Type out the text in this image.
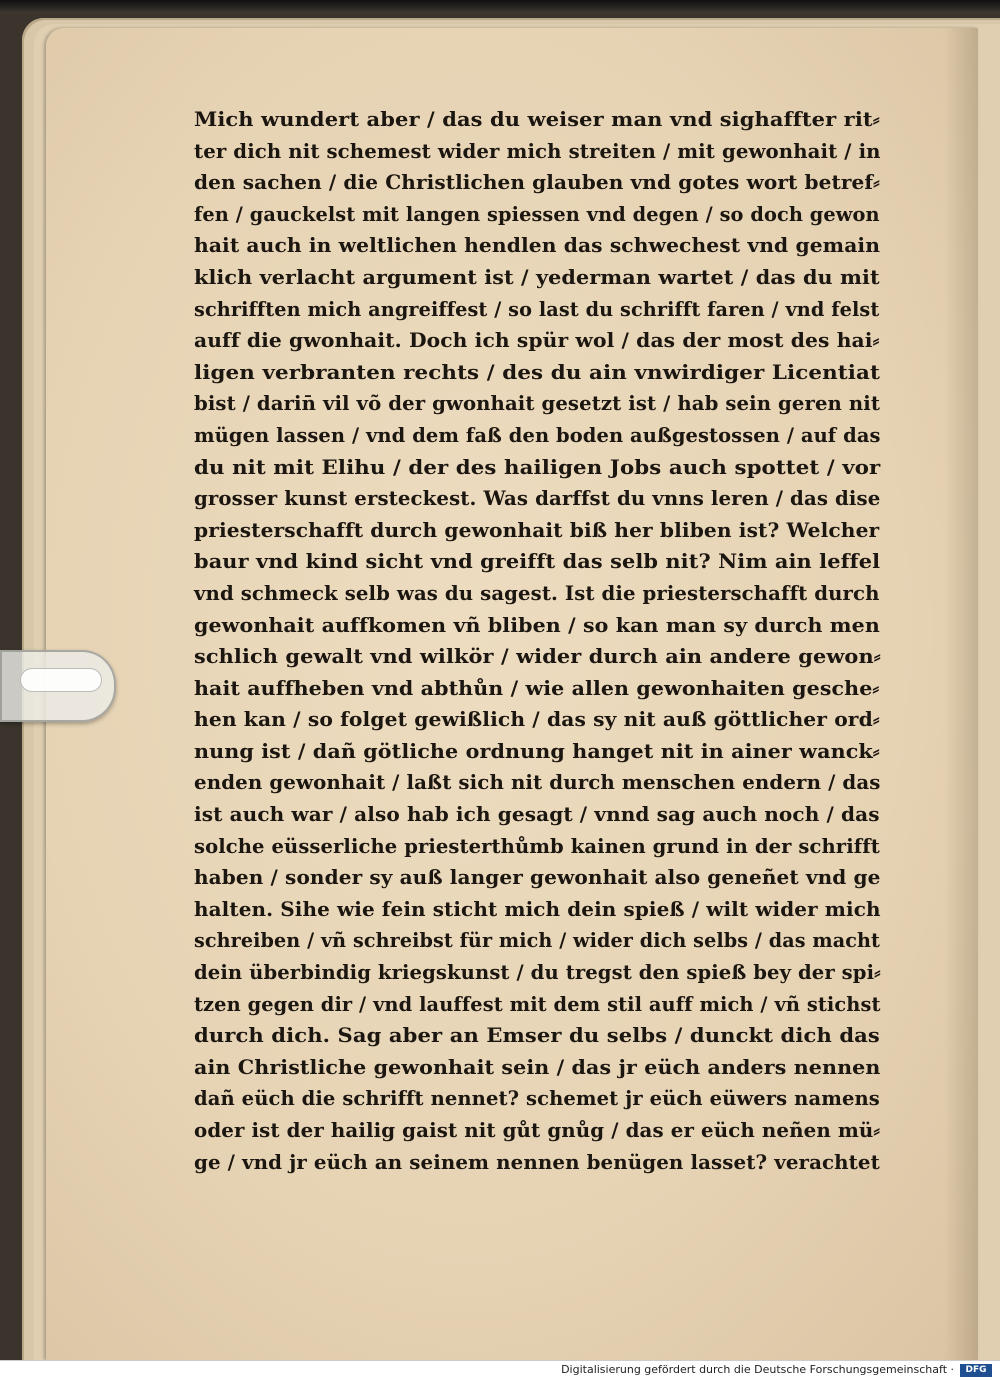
Mich wundert aber / das du weiser man vnd sighaffter rit⸗
ter dich nit schemest wider mich streiten / mit gewonhait / in
den sachen / die Christlichen glauben vnd gotes wort betref⸗
fen / gauckelst mit langen spiessen vnd degen / so doch gewon
hait auch in weltlichen hendlen das schwechest vnd gemain
klich verlacht argument ist / yederman wartet / das du mit
schrifften mich angreiffest / so last du schrifft faren / vnd felst
auff die gwonhait. Doch ich spür wol / das der most des hai⸗
ligen verbranten rechts / des du ain vnwirdiger Licentiat
bist / darin̄ vil võ der gwonhait gesetzt ist / hab sein geren nit
mügen lassen / vnd dem faß den boden außgestossen / auf das
du nit mit Elihu / der des hailigen Jobs auch spottet / vor
grosser kunst ersteckest. Was darffst du vnns leren / das dise
priesterschafft durch gewonhait biß her bliben ist? Welcher
baur vnd kind sicht vnd greifft das selb nit? Nim ain leffel
vnd schmeck selb was du sagest. Ist die priesterschafft durch
gewonhait auffkomen vñ bliben / so kan man sy durch men
schlich gewalt vnd wilkör / wider durch ain andere gewon⸗
hait auffheben vnd abthůn / wie allen gewonhaiten gesche⸗
hen kan / so folget gewißlich / das sy nit auß göttlicher ord⸗
nung ist / dañ götliche ordnung hanget nit in ainer wanck⸗
enden gewonhait / laßt sich nit durch menschen endern / das
ist auch war / also hab ich gesagt / vnnd sag auch noch / das
solche eüsserliche priesterthůmb kainen grund in der schrifft
haben / sonder sy auß langer gewonhait also geneñet vnd ge
halten. Sihe wie fein sticht mich dein spieß / wilt wider mich
schreiben / vñ schreibst für mich / wider dich selbs / das macht
dein überbindig kriegskunst / du tregst den spieß bey der spi⸗
tzen gegen dir / vnd lauffest mit dem stil auff mich / vñ stichst
durch dich. Sag aber an Emser du selbs / dunckt dich das
ain Christliche gewonhait sein / das jr eüch anders nennen
dañ eüch die schrifft nennet? schemet jr eüch eüwers namens
oder ist der hailig gaist nit gůt gnůg / das er eüch neñen mü⸗
ge / vnd jr eüch an seinem nennen benügen lasset? verachtet
Digitalisierung gefördert durch die Deutsche Forschungsgemeinschaft ·	DFG
